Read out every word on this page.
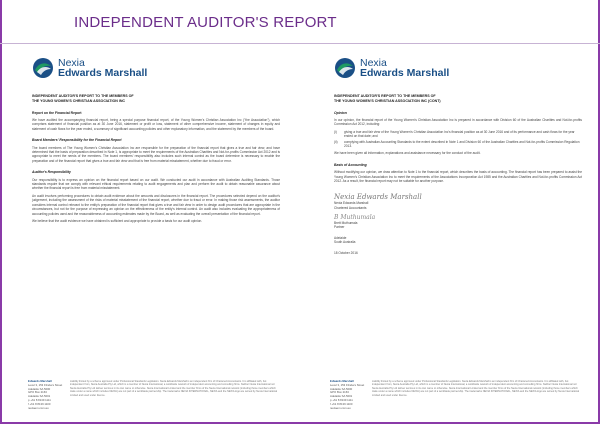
INDEPENDENT AUDITOR'S REPORT
Nexia
Edwards Marshall
INDEPENDENT AUDITOR'S REPORT TO THE MEMBERS OF
THE YOUNG WOMEN'S CHRISTIAN ASSOCIATION INC
Report on the Financial Report

We have audited the accompanying financial report, being a special purpose financial report, of the Young Women's Christian Association Inc ("the Association"), which comprises statement of financial position as at 30 June 2016, statement or profit or loss, statement of other comprehensive income, statement of changes in equity and statement of cash flows for the year ended, a summary of significant accounting policies and other explanatory information, and the statement by the members of the board.

Board Members' Responsibility for the Financial Report

The board members of The Young Women's Christian Association Inc are responsible for the preparation of the financial report that gives a true and fair view, and have determined that the basis of preparation described in Note 1, is appropriate to meet the requirements of the Australian Charities and Not-for-profits Commission Act 2012 and is appropriate to meet the needs of the members. The board members' responsibility also includes such internal control as the board determine is necessary to enable the preparation and of the financial report that gives a true and fair view and that is free from material misstatement, whether due to fraud or error.

Auditor's Responsibility

Our responsibility is to express an opinion on the financial report based on our audit. We conducted our audit in accordance with Australian Auditing Standards. Those standards require that we comply with relevant ethical requirements relating to audit engagements and plan and perform the audit to obtain reasonable assurance about whether the financial report is free from material misstatement.

An audit involves performing procedures to obtain audit evidence about the amounts and disclosures in the financial report. The procedures selected depend on the auditor's judgement, including the assessment of the risks of material misstatement of the financial report, whether due to fraud or error. In making those risk assessments, the auditor considers internal control relevant to the entity's preparation of the financial report that gives a true and fair view in order to design audit procedures that are appropriate in the circumstances, but not for the purpose of expressing an opinion on the effectiveness of the entity's internal control. An audit also includes evaluating the appropriateness of accounting policies used and the reasonableness of accounting estimates made by the Board, as well as evaluating the overall presentation of the financial report.

We believe that the audit evidence we have obtained is sufficient and appropriate to provide a basis for our audit opinion.

Edwards Marshall
Level 3, 153 Flinders Street
Adelaide SA 5000
GPO Box 2163
Adelaide SA 5001
p +61 8 8139 1111
f +61 8 8139 1100
nexiaem.com.au
Liability limited by a scheme approved under Professional Standards Legislation. Nexia Edwards Marshall is an independent firm of Chartered Accountants. It is affiliated with, but independent from, Nexia Australia Pty Ltd, which is a member of Nexia International, a worldwide network of independent accounting and consulting firms. Neither Nexia International nor Nexia Australia Pty Ltd deliver services in its own name or otherwise. Nexia International Limited and the member firms of the Nexia International network (including those members which trade under a name which includes NEXIA) are not part of a worldwide partnership. The trademarks NEXIA INTERNATIONAL, NEXIA and the NEXIA logo are owned by Nexia International Limited and used under licence.
Nexia
Edwards Marshall
INDEPENDENT AUDITOR'S REPORT TO THE MEMBERS OF
THE YOUNG WOMEN'S CHRISTIAN ASSOCIATION INC (CONT)
Opinion

In our opinion, the financial report of the Young Women's Christian Association Inc is prepared in accordance with Division 60 of the Australian Charities and Not-for-profits Commission Act 2012, including:

(i)	giving a true and fair view of the Young Women's Christian Association Inc's financial position as at 30 June 2016 and of its performance and cash flows for the year ended on that date; and
(ii)	complying with Australian Accounting Standards to the extent described in Note 1 and Division 60 of the Australian Charities and Not-for-profits Commission Regulation 2013.

We have been given all information, explanations and assistance necessary for the conduct of the audit.

Basis of Accounting

Without modifying our opinion, we draw attention to Note 1 to the financial report, which describes the basis of accounting. The financial report has been prepared to assist the Young Women's Christian Association Inc to meet the requirements of the Associations Incorporation Act 1985 and the Australian Charities and Not-for-profits Commission Act 2012. As a result, the financial report may not be suitable for another purpose.

Nexia Edwards Marshall
Nexia Edwards Marshall
Chartered Accountants
B Muthumala
Brett Muthumala
Partner
Adelaide
South Australia
18 October 2016
Edwards Marshall
Level 3, 153 Flinders Street
Adelaide SA 5000
GPO Box 2163
Adelaide SA 5001
p +61 8 8139 1111
f +61 8 8139 1100
nexiaem.com.au
Liability limited by a scheme approved under Professional Standards Legislation. Nexia Edwards Marshall is an independent firm of Chartered Accountants. It is affiliated with, but independent from, Nexia Australia Pty Ltd, which is a member of Nexia International, a worldwide network of independent accounting and consulting firms. Neither Nexia International nor Nexia Australia Pty Ltd deliver services in its own name or otherwise. Nexia International Limited and the member firms of the Nexia International network (including those members which trade under a name which includes NEXIA) are not part of a worldwide partnership. The trademarks NEXIA INTERNATIONAL, NEXIA and the NEXIA logo are owned by Nexia International Limited and used under licence.
